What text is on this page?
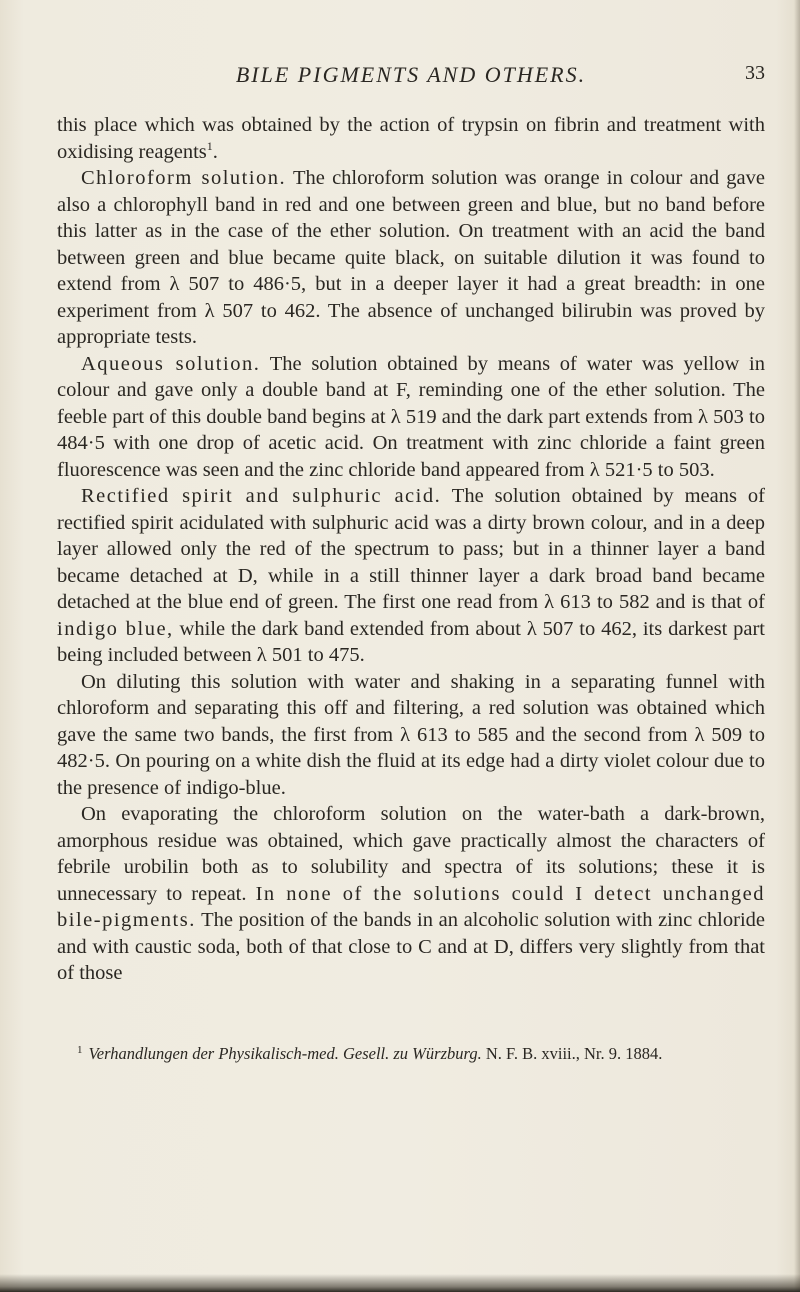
BILE PIGMENTS AND OTHERS.	33

this place which was obtained by the action of trypsin on fibrin and treatment with oxidising reagents$^1$.

Chloroform solution. The chloroform solution was orange in colour and gave also a chlorophyll band in red and one between green and blue, but no band before this latter as in the case of the ether solution. On treatment with an acid the band between green and blue became quite black, on suitable dilution it was found to extend from λ 507 to 486·5, but in a deeper layer it had a great breadth: in one experiment from λ 507 to 462. The absence of unchanged bilirubin was proved by appropriate tests.

Aqueous solution. The solution obtained by means of water was yellow in colour and gave only a double band at F, reminding one of the ether solution. The feeble part of this double band begins at λ 519 and the dark part extends from λ 503 to 484·5 with one drop of acetic acid. On treatment with zinc chloride a faint green fluorescence was seen and the zinc chloride band appeared from λ 521·5 to 503.

Rectified spirit and sulphuric acid. The solution obtained by means of rectified spirit acidulated with sulphuric acid was a dirty brown colour, and in a deep layer allowed only the red of the spectrum to pass; but in a thinner layer a band became detached at D, while in a still thinner layer a dark broad band became detached at the blue end of green. The first one read from λ 613 to 582 and is that of indigo blue, while the dark band extended from about λ 507 to 462, its darkest part being included between λ 501 to 475.

On diluting this solution with water and shaking in a separating funnel with chloroform and separating this off and filtering, a red solution was obtained which gave the same two bands, the first from λ 613 to 585 and the second from λ 509 to 482·5. On pouring on a white dish the fluid at its edge had a dirty violet colour due to the presence of indigo-blue.

On evaporating the chloroform solution on the water-bath a dark-brown, amorphous residue was obtained, which gave practically almost the characters of febrile urobilin both as to solubility and spectra of its solutions; these it is unnecessary to repeat. In none of the solutions could I detect unchanged bile-pigments. The position of the bands in an alcoholic solution with zinc chloride and with caustic soda, both of that close to C and at D, differs very slightly from that of those

$^1$ Verhandlungen der Physikalisch-med. Gesell. zu Würzburg. N. F. B. xviii., Nr. 9. 1884.
